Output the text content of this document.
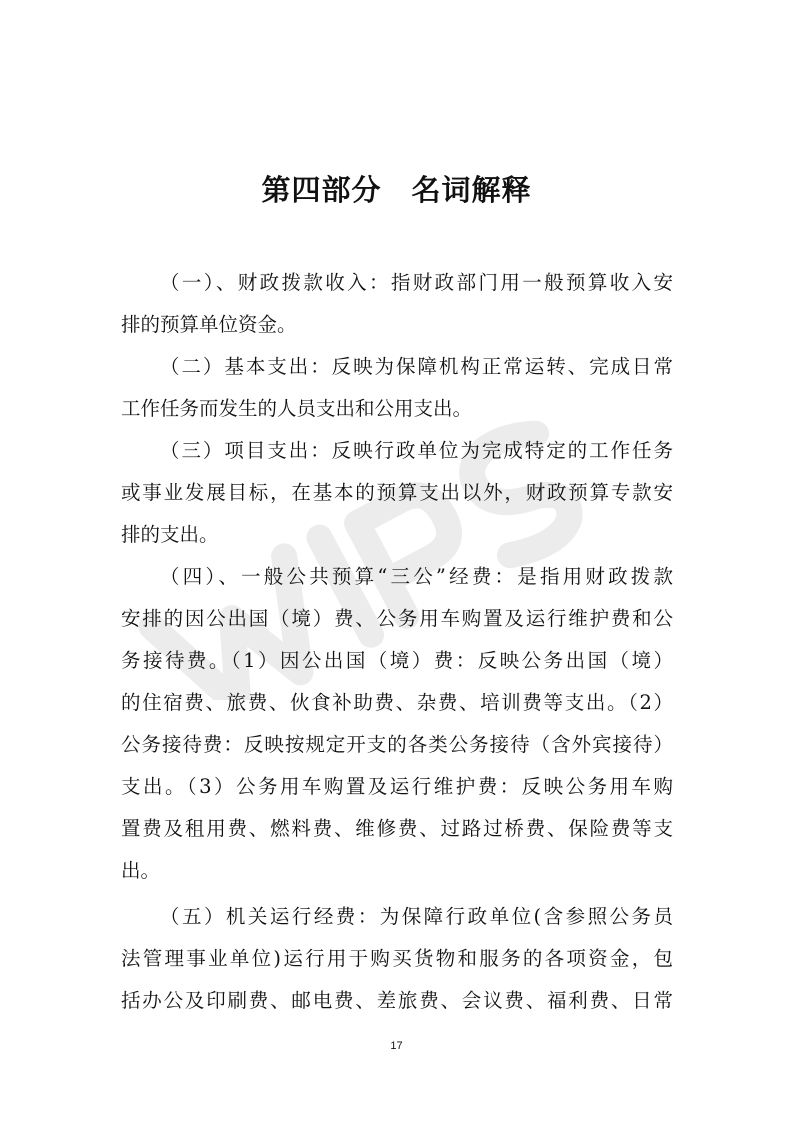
第四部分　名词解释

（一）、财政拨款收入：指财政部门用一般预算收入安

排的预算单位资金。

（二）基本支出：反映为保障机构正常运转、完成日常

工作任务而发生的人员支出和公用支出。

（三）项目支出：反映行政单位为完成特定的工作任务

或事业发展目标，在基本的预算支出以外，财政预算专款安

排的支出。

（四）、一般公共预算“三公”经费：是指用财政拨款

安排的因公出国（境）费、公务用车购置及运行维护费和公

务接待费。（1）因公出国（境）费：反映公务出国（境）

的住宿费、旅费、伙食补助费、杂费、培训费等支出。（2）

公务接待费：反映按规定开支的各类公务接待（含外宾接待）

支出。（3）公务用车购置及运行维护费：反映公务用车购

置费及租用费、燃料费、维修费、过路过桥费、保险费等支

出。

（五）机关运行经费：为保障行政单位(含参照公务员

法管理事业单位)运行用于购买货物和服务的各项资金，包

括办公及印刷费、邮电费、差旅费、会议费、福利费、日常

17
